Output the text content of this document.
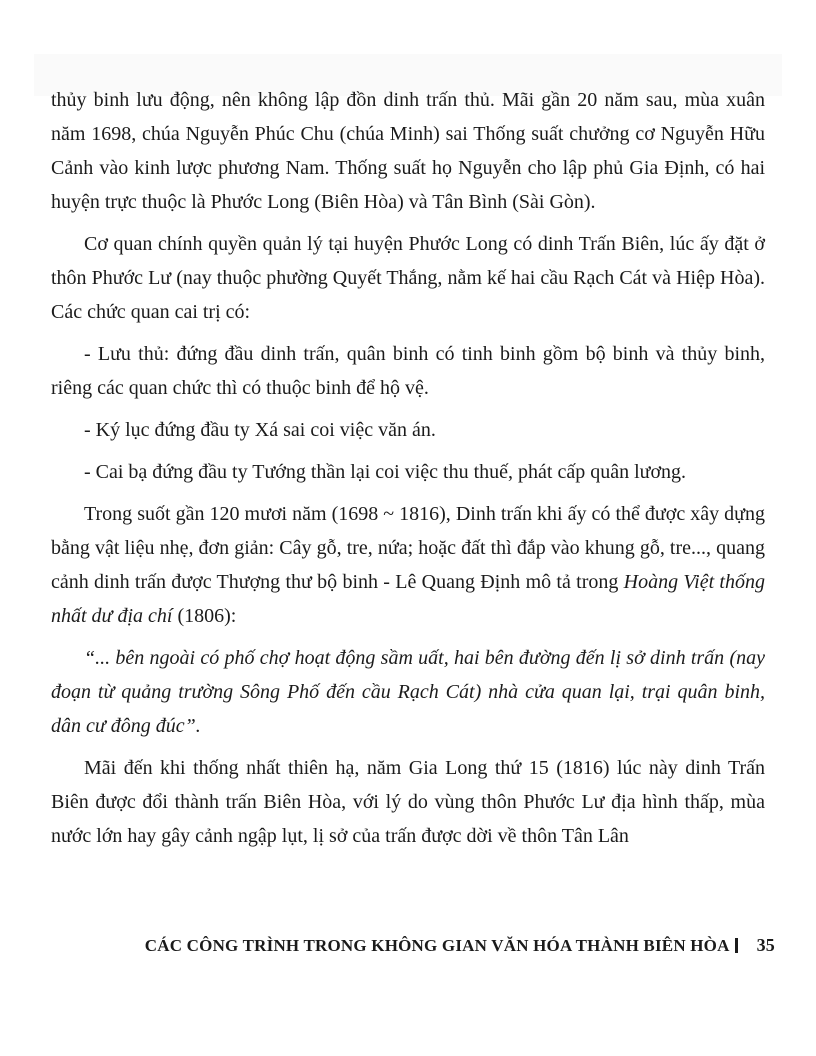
thủy binh lưu động, nên không lập đồn dinh trấn thủ. Mãi gần 20 năm sau, mùa xuân năm 1698, chúa Nguyễn Phúc Chu (chúa Minh) sai Thống suất chưởng cơ Nguyễn Hữu Cảnh vào kinh lược phương Nam. Thống suất họ Nguyễn cho lập phủ Gia Định, có hai huyện trực thuộc là Phước Long (Biên Hòa) và Tân Bình (Sài Gòn).

Cơ quan chính quyền quản lý tại huyện Phước Long có dinh Trấn Biên, lúc ấy đặt ở thôn Phước Lư (nay thuộc phường Quyết Thắng, nằm kế hai cầu Rạch Cát và Hiệp Hòa). Các chức quan cai trị có:

- Lưu thủ: đứng đầu dinh trấn, quân binh có tinh binh gồm bộ binh và thủy binh, riêng các quan chức thì có thuộc binh để hộ vệ.

- Ký lục đứng đầu ty Xá sai coi việc văn án.

- Cai bạ đứng đầu ty Tướng thần lại coi việc thu thuế, phát cấp quân lương.

Trong suốt gần 120 mươi năm (1698 ~ 1816), Dinh trấn khi ấy có thể được xây dựng bằng vật liệu nhẹ, đơn giản: Cây gỗ, tre, nứa; hoặc đất thì đắp vào khung gỗ, tre..., quang cảnh dinh trấn được Thượng thư bộ binh - Lê Quang Định mô tả trong Hoàng Việt thống nhất dư địa chí (1806):

“... bên ngoài có phố chợ hoạt động sầm uất, hai bên đường đến lị sở dinh trấn (nay đoạn từ quảng trường Sông Phố đến cầu Rạch Cát) nhà cửa quan lại, trại quân binh, dân cư đông đúc”.

Mãi đến khi thống nhất thiên hạ, năm Gia Long thứ 15 (1816) lúc này dinh Trấn Biên được đổi thành trấn Biên Hòa, với lý do vùng thôn Phước Lư địa hình thấp, mùa nước lớn hay gây cảnh ngập lụt, lị sở của trấn được dời về thôn Tân Lân

CÁC CÔNG TRÌNH TRONG KHÔNG GIAN VĂN HÓA THÀNH BIÊN HÒA 35
